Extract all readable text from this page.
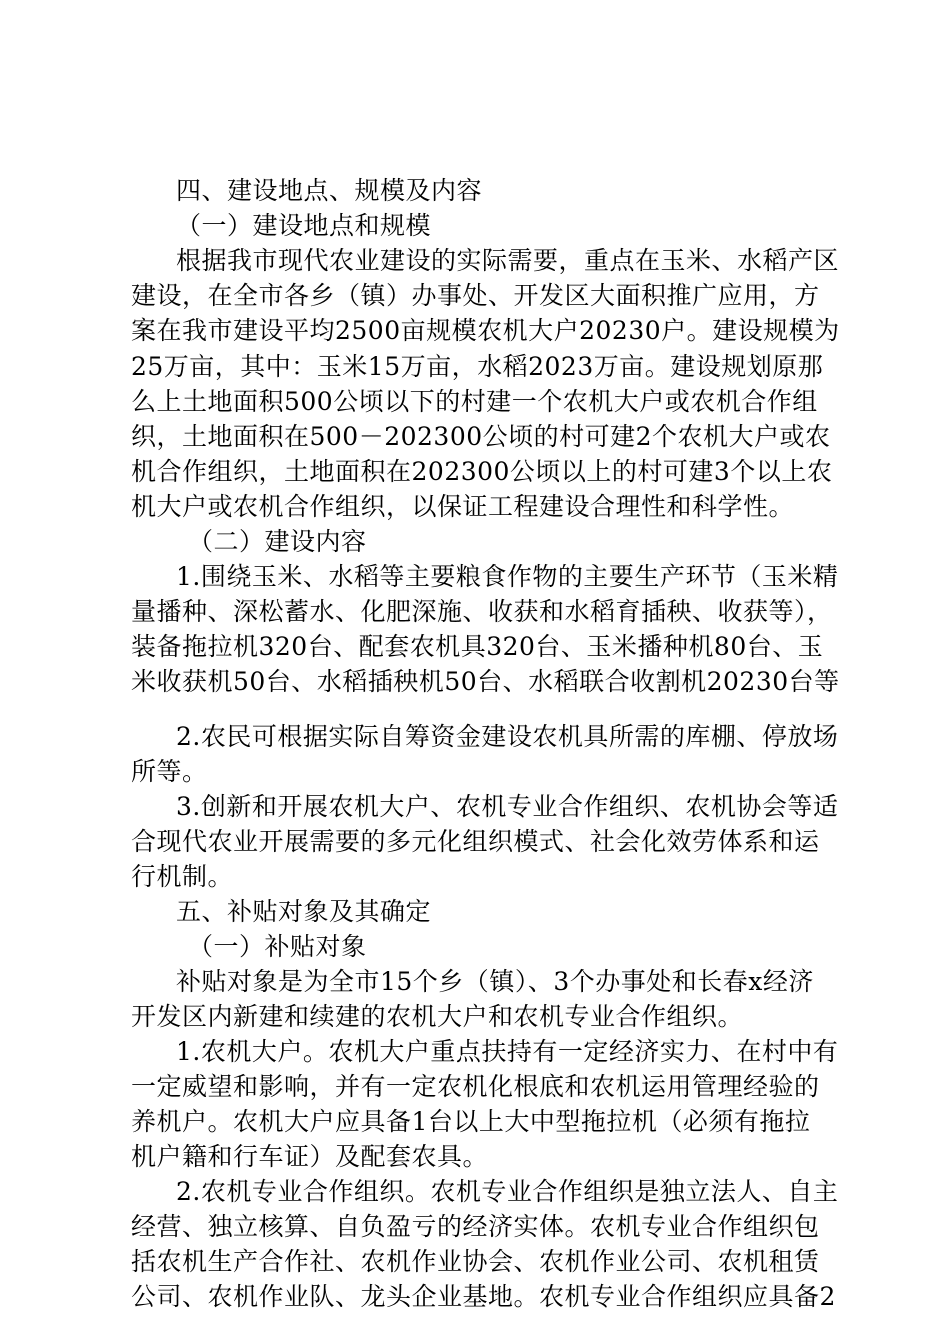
四、建设地点、规模及内容
（一）建设地点和规模
根据我市现代农业建设的实际需要，重点在玉米、水稻产区
建设，在全市各乡（镇）办事处、开发区大面积推广应用，方
案在我市建设平均2500亩规模农机大户20230户。建设规模为
25万亩，其中：玉米15万亩，水稻2023万亩。建设规划原那
么上土地面积500公顷以下的村建一个农机大户或农机合作组
织，土地面积在500－202300公顷的村可建2个农机大户或农
机合作组织，土地面积在202300公顷以上的村可建3个以上农
机大户或农机合作组织，以保证工程建设合理性和科学性。
（二）建设内容
1.围绕玉米、水稻等主要粮食作物的主要生产环节（玉米精
量播种、深松蓄水、化肥深施、收获和水稻育插秧、收获等），
装备拖拉机320台、配套农机具320台、玉米播种机80台、玉
米收获机50台、水稻插秧机50台、水稻联合收割机20230台等
2.农民可根据实际自筹资金建设农机具所需的库棚、停放场
所等。
3.创新和开展农机大户、农机专业合作组织、农机协会等适
合现代农业开展需要的多元化组织模式、社会化效劳体系和运
行机制。
五、补贴对象及其确定
（一）补贴对象
补贴对象是为全市15个乡（镇）、3个办事处和长春x经济
开发区内新建和续建的农机大户和农机专业合作组织。
1.农机大户。农机大户重点扶持有一定经济实力、在村中有
一定威望和影响，并有一定农机化根底和农机运用管理经验的
养机户。农机大户应具备1台以上大中型拖拉机（必须有拖拉
机户籍和行车证）及配套农具。
2.农机专业合作组织。农机专业合作组织是独立法人、自主
经营、独立核算、自负盈亏的经济实体。农机专业合作组织包
括农机生产合作社、农机作业协会、农机作业公司、农机租赁
公司、农机作业队、龙头企业基地。农机专业合作组织应具备2
